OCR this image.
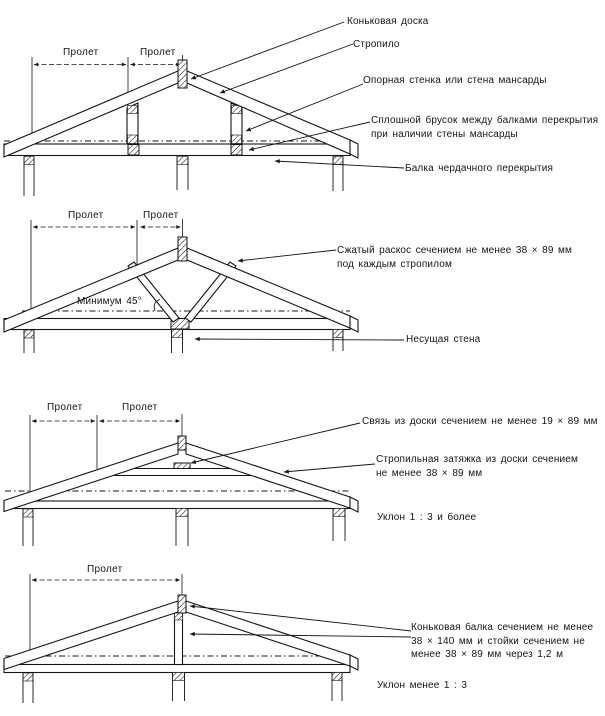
Пролет	Пролет
Коньковая доска
Стропило
Опорная стенка или стена мансарды
Сплошной брусок между балками перекрытия
при наличии стены мансарды
Балка чердачного перекрытия
Пролет	Пролет
Минимум 45°
Сжатый раскос сечением не менее 38 × 89 мм
под каждым стропилом
Несущая стена
Пролет	Пролет
Связь из доски сечением не менее 19 × 89 мм
Стропильная затяжка из доски сечением
не менее 38 × 89 мм
Уклон 1 : 3 и более
Пролет
Коньковая балка сечением не менее
38 × 140 мм и стойки сечением не
менее 38 × 89 мм через 1,2 м
Уклон менее 1 : 3
